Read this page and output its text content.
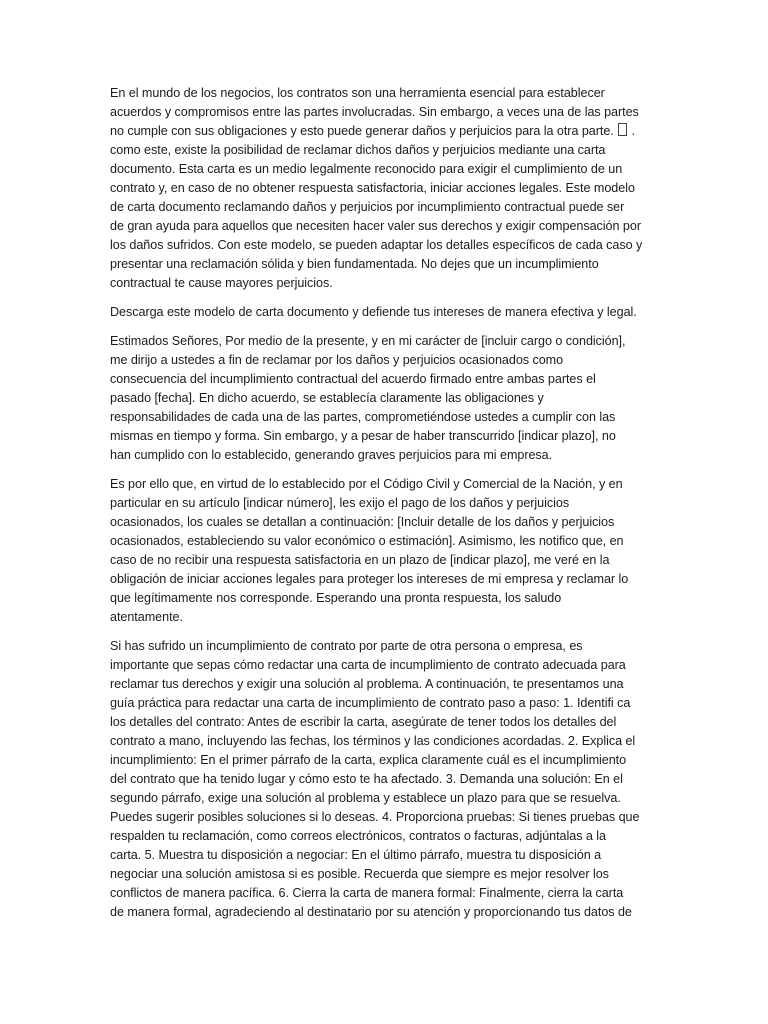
En el mundo de los negocios, los contratos son una herramienta esencial para establecer
acuerdos y compromisos entre las partes involucradas. Sin embargo, a veces una de las partes
no cumple con sus obligaciones y esto puede generar daños y perjuicios para la otra parte.  .
como este, existe la posibilidad de reclamar dichos daños y perjuicios mediante una carta
documento. Esta carta es un medio legalmente reconocido para exigir el cumplimiento de un
contrato y, en caso de no obtener respuesta satisfactoria, iniciar acciones legales. Este modelo
de carta documento reclamando daños y perjuicios por incumplimiento contractual puede ser
de gran ayuda para aquellos que necesiten hacer valer sus derechos y exigir compensación por
los daños sufridos. Con este modelo, se pueden adaptar los detalles específicos de cada caso y
presentar una reclamación sólida y bien fundamentada. No dejes que un incumplimiento
contractual te cause mayores perjuicios.

Descarga este modelo de carta documento y defiende tus intereses de manera efectiva y legal.

Estimados Señores, Por medio de la presente, y en mi carácter de [incluir cargo o condición],
me dirijo a ustedes a fin de reclamar por los daños y perjuicios ocasionados como
consecuencia del incumplimiento contractual del acuerdo firmado entre ambas partes el
pasado [fecha]. En dicho acuerdo, se establecía claramente las obligaciones y
responsabilidades de cada una de las partes, comprometiéndose ustedes a cumplir con las
mismas en tiempo y forma. Sin embargo, y a pesar de haber transcurrido [indicar plazo], no
han cumplido con lo establecido, generando graves perjuicios para mi empresa.

Es por ello que, en virtud de lo establecido por el Código Civil y Comercial de la Nación, y en
particular en su artículo [indicar número], les exijo el pago de los daños y perjuicios
ocasionados, los cuales se detallan a continuación: [Incluir detalle de los daños y perjuicios
ocasionados, estableciendo su valor económico o estimación]. Asimismo, les notifico que, en
caso de no recibir una respuesta satisfactoria en un plazo de [indicar plazo], me veré en la
obligación de iniciar acciones legales para proteger los intereses de mi empresa y reclamar lo
que legítimamente nos corresponde. Esperando una pronta respuesta, los saludo
atentamente.

Si has sufrido un incumplimiento de contrato por parte de otra persona o empresa, es
importante que sepas cómo redactar una carta de incumplimiento de contrato adecuada para
reclamar tus derechos y exigir una solución al problema. A continuación, te presentamos una
guía práctica para redactar una carta de incumplimiento de contrato paso a paso: 1. Identifi ca
los detalles del contrato: Antes de escribir la carta, asegúrate de tener todos los detalles del
contrato a mano, incluyendo las fechas, los términos y las condiciones acordadas. 2. Explica el
incumplimiento: En el primer párrafo de la carta, explica claramente cuál es el incumplimiento
del contrato que ha tenido lugar y cómo esto te ha afectado. 3. Demanda una solución: En el
segundo párrafo, exige una solución al problema y establece un plazo para que se resuelva.
Puedes sugerir posibles soluciones si lo deseas. 4. Proporciona pruebas: Si tienes pruebas que
respalden tu reclamación, como correos electrónicos, contratos o facturas, adjúntalas a la
carta. 5. Muestra tu disposición a negociar: En el último párrafo, muestra tu disposición a
negociar una solución amistosa si es posible. Recuerda que siempre es mejor resolver los
conflictos de manera pacífica. 6. Cierra la carta de manera formal: Finalmente, cierra la carta
de manera formal, agradeciendo al destinatario por su atención y proporcionando tus datos de
